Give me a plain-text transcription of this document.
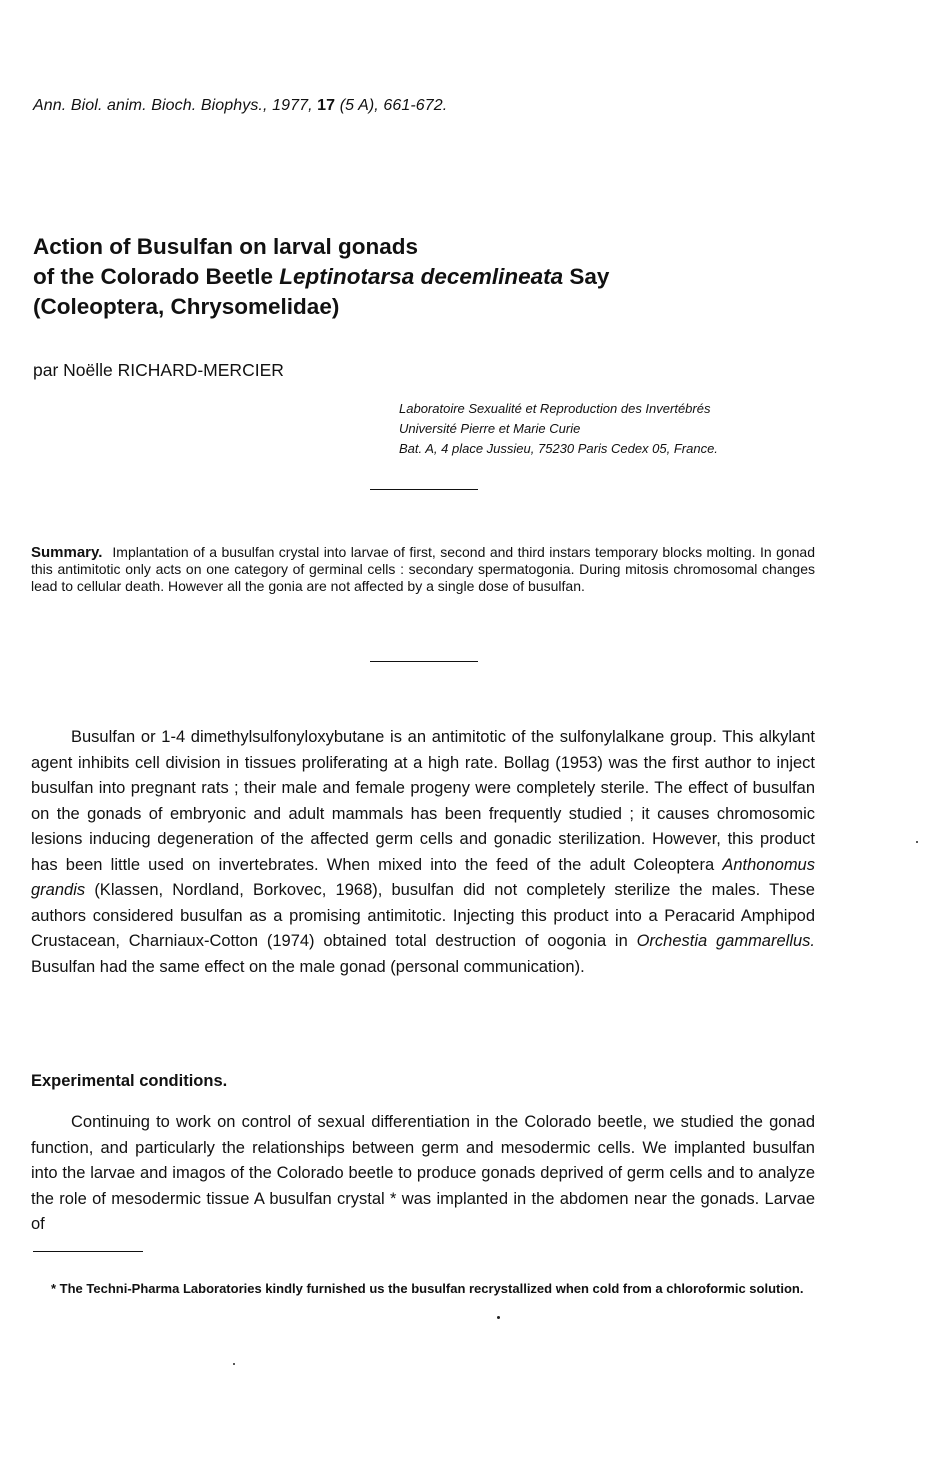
Ann. Biol. anim. Bioch. Biophys., 1977, 17 (5 A), 661-672.
Action of Busulfan on larval gonads
of the Colorado Beetle Leptinotarsa decemlineata Say
(Coleoptera, Chrysomelidae)
par Noëlle RICHARD-MERCIER
Laboratoire Sexualité et Reproduction des Invertébrés
Université Pierre et Marie Curie
Bat. A, 4 place Jussieu, 75230 Paris Cedex 05, France.
Summary. Implantation of a busulfan crystal into larvae of first, second and third instars temporary blocks molting. In gonad this antimitotic only acts on one category of germinal cells : secondary spermatogonia. During mitosis chromosomal changes lead to cellular death. However all the gonia are not affected by a single dose of busulfan.

Busulfan or 1-4 dimethylsulfonyloxybutane is an antimitotic of the sulfonylalkane group. This alkylant agent inhibits cell division in tissues proliferating at a high rate. Bollag (1953) was the first author to inject busulfan into pregnant rats ; their male and female progeny were completely sterile. The effect of busulfan on the gonads of embryonic and adult mammals has been frequently studied ; it causes chromosomic lesions inducing degeneration of the affected germ cells and gonadic sterilization. However, this product has been little used on invertebrates. When mixed into the feed of the adult Coleoptera Anthonomus grandis (Klassen, Nordland, Borkovec, 1968), busulfan did not completely sterilize the males. These authors considered busulfan as a promising antimitotic. Injecting this product into a Peracarid Amphipod Crustacean, Charniaux-Cotton (1974) obtained total destruction of oogonia in Orchestia gammarellus. Busulfan had the same effect on the male gonad (personal communication).

Experimental conditions.

Continuing to work on control of sexual differentiation in the Colorado beetle, we studied the gonad function, and particularly the relationships between germ and mesodermic cells. We implanted busulfan into the larvae and imagos of the Colorado beetle to produce gonads deprived of germ cells and to analyze the role of mesodermic tissue A busulfan crystal * was implanted in the abdomen near the gonads. Larvae of

* The Techni-Pharma Laboratories kindly furnished us the busulfan recrystallized when cold from a chloroformic solution.
